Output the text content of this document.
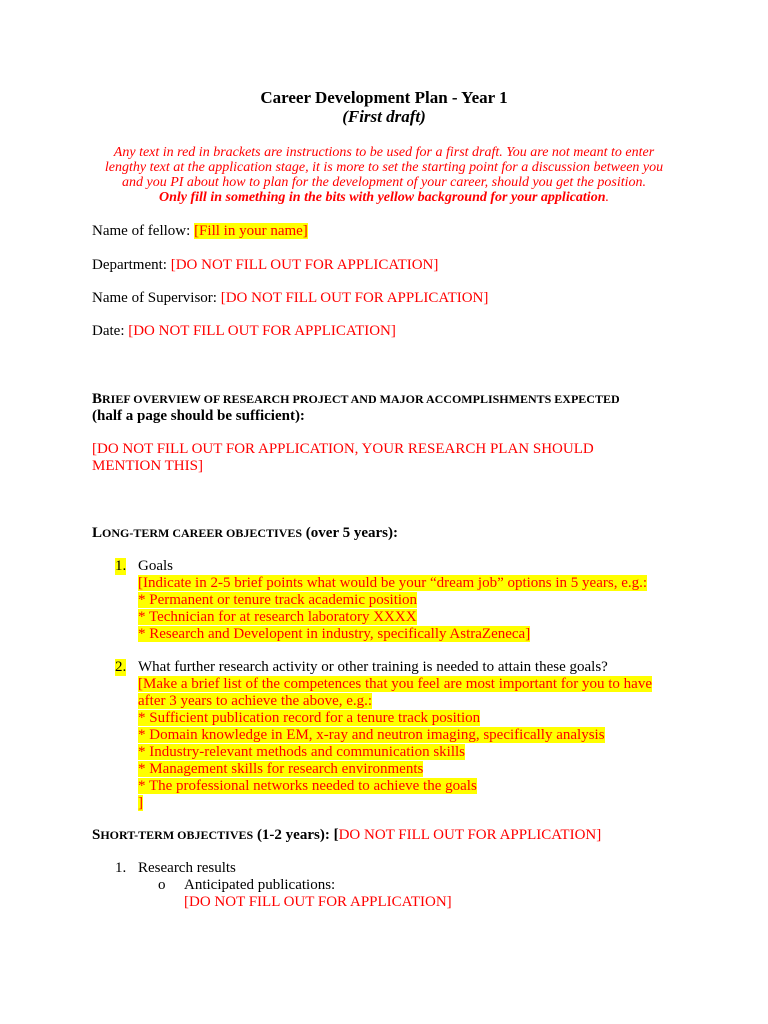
Career Development Plan - Year 1
(First draft)
Any text in red in brackets are instructions to be used for a first draft. You are not meant to enter
lengthy text at the application stage, it is more to set the starting point for a discussion between you
and you PI about how to plan for the development of your career, should you get the position.
Only fill in something in the bits with yellow background for your application.
Name of fellow: [Fill in your name]
Department: [DO NOT FILL OUT FOR APPLICATION]
Name of Supervisor: [DO NOT FILL OUT FOR APPLICATION]
Date: [DO NOT FILL OUT FOR APPLICATION]
BRIEF OVERVIEW OF RESEARCH PROJECT AND MAJOR ACCOMPLISHMENTS EXPECTED
(half a page should be sufficient):
[DO NOT FILL OUT FOR APPLICATION, YOUR RESEARCH PLAN SHOULD
MENTION THIS]
LONG-TERM CAREER OBJECTIVES (over 5 years):
1. Goals
[Indicate in 2-5 brief points what would be your “dream job” options in 5 years, e.g.:
* Permanent or tenure track academic position
* Technician for at research laboratory XXXX
* Research and Developent in industry, specifically AstraZeneca]
2. What further research activity or other training is needed to attain these goals?
[Make a brief list of the competences that you feel are most important for you to have
after 3 years to achieve the above, e.g.:
* Sufficient publication record for a tenure track position
* Domain knowledge in EM, x-ray and neutron imaging, specifically analysis
* Industry-relevant methods and communication skills
* Management skills for research environments
* The professional networks needed to achieve the goals
]
SHORT-TERM OBJECTIVES (1-2 years): [DO NOT FILL OUT FOR APPLICATION]
1. Research results
o Anticipated publications:
[DO NOT FILL OUT FOR APPLICATION]
